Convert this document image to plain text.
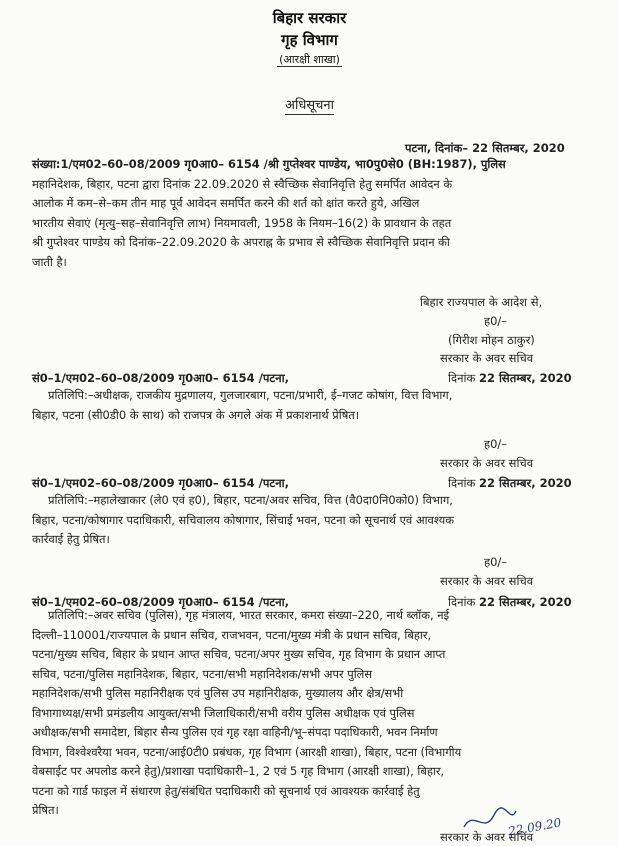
बिहार सरकार
गृह विभाग
(आरक्षी शाखा)
अधिसूचना
पटना, दिनांक– 22 सितम्बर, 2020
संख्या:1/एम02–60–08/2009 गृ0आ0– 6154 /श्री गुप्तेश्वर पाण्डेय, भा0पु0से0 (BH:1987), पुलिस
महानिदेशक, बिहार, पटना द्वारा दिनांक 22.09.2020 से स्वैच्छिक सेवानिवृत्ति हेतु समर्पित आवेदन के
आलोक में कम–से–कम तीन माह पूर्व आवेदन समर्पित करने की शर्त को क्षांत करते हुये, अखिल
भारतीय सेवाएं (मृत्यु–सह–सेवानिवृत्ति लाभ) नियमावली, 1958 के नियम–16(2) के प्रावधान के तहत
श्री गुप्तेश्वर पाण्डेय को दिनांक–22.09.2020 के अपराह्न के प्रभाव से स्वैच्छिक सेवानिवृत्ति प्रदान की
जाती है।
बिहार राज्यपाल के आदेश से,
ह0/–
(गिरीश मोहन ठाकुर)
सरकार के अवर सचिव
सं0–1/एम02–60–08/2009 गृ0आ0– 6154 /पटना,	दिनांक 22 सितम्बर, 2020
प्रतिलिपि:–अधीक्षक, राजकीय मुद्रणालय, गुलजारबाग, पटना/प्रभारी, ई–गजट कोषांग, वित्त विभाग,
बिहार, पटना (सी0डी0 के साथ) को राजपत्र के अगले अंक में प्रकाशनार्थ प्रेषित।
ह0/–
सरकार के अवर सचिव
सं0–1/एम02–60–08/2009 गृ0आ0– 6154 /पटना,	दिनांक 22 सितम्बर, 2020
प्रतिलिपि:–महालेखाकार (ले0 एवं ह0), बिहार, पटना/अवर सचिव, वित्त (वै0दा0नि0को0) विभाग,
बिहार, पटना/कोषागार पदाधिकारी, सचिवालय कोषागार, सिंचाई भवन, पटना को सूचनार्थ एवं आवश्यक
कार्रवाई हेतु प्रेषित।
ह0/–
सरकार के अवर सचिव
सं0–1/एम02–60–08/2009 गृ0आ0– 6154 /पटना,	दिनांक 22 सितम्बर, 2020
प्रतिलिपि:–अवर सचिव (पुलिस), गृह मंत्रालय, भारत सरकार, कमरा संख्या–220, नार्थ ब्लॉक, नई
दिल्ली–110001/राज्यपाल के प्रधान सचिव, राजभवन, पटना/मुख्य मंत्री के प्रधान सचिव, बिहार,
पटना/मुख्य सचिव, बिहार के प्रधान आप्त सचिव, पटना/अपर मुख्य सचिव, गृह विभाग के प्रधान आप्त
सचिव, पटना/पुलिस महानिदेशक, बिहार, पटना/सभी महानिदेशक/सभी अपर पुलिस
महानिदेशक/सभी पुलिस महानिरीक्षक एवं पुलिस उप महानिरीक्षक, मुख्यालय और क्षेत्र/सभी
विभागाध्यक्ष/सभी प्रमंडलीय आयुक्त/सभी जिलाधिकारी/सभी वरीय पुलिस अधीक्षक एवं पुलिस
अधीक्षक/सभी समादेष्टा, बिहार सैन्य पुलिस एवं गृह रक्षा वाहिनी/भू–संपदा पदाधिकारी, भवन निर्माण
विभाग, विश्वेश्वरैया भवन, पटना/आई0टी0 प्रबंधक, गृह विभाग (आरक्षी शाखा), बिहार, पटना (विभागीय
वेबसाईट पर अपलोड करने हेतु)/प्रशाखा पदाधिकारी–1, 2 एवं 5 गृह विभाग (आरक्षी शाखा), बिहार,
पटना को गार्ड फाइल में संधारण हेतु/संबंधित पदाधिकारी को सूचनार्थ एवं आवश्यक कार्रवाई हेतु
प्रेषित।
22.09.20
सरकार के अवर सचिव
